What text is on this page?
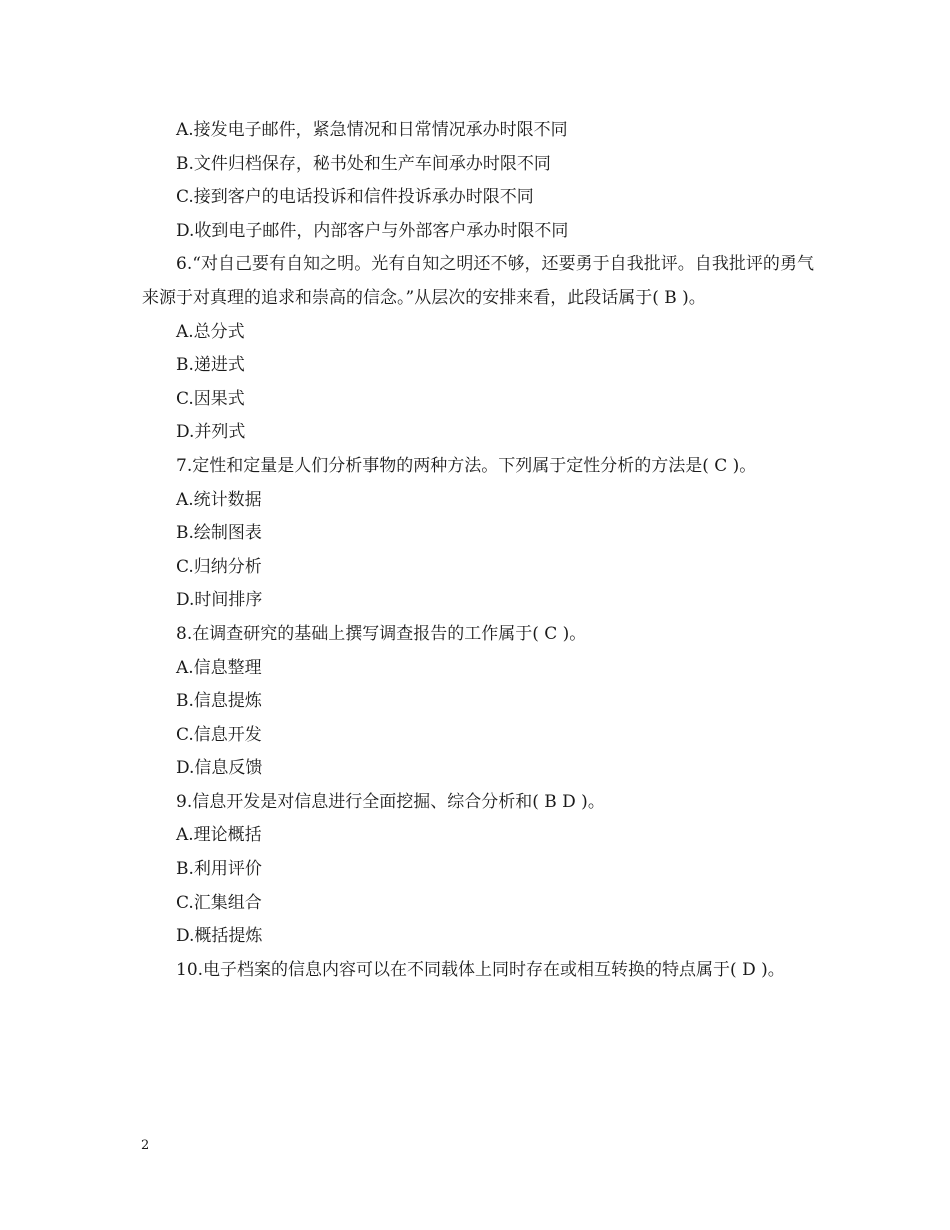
A.接发电子邮件，紧急情况和日常情况承办时限不同

B.文件归档保存，秘书处和生产车间承办时限不同

C.接到客户的电话投诉和信件投诉承办时限不同

D.收到电子邮件，内部客户与外部客户承办时限不同

6.“对自己要有自知之明。光有自知之明还不够，还要勇于自我批评。自我批评的勇气来源于对真理的追求和崇高的信念。”从层次的安排来看，此段话属于( B )。

A.总分式

B.递进式

C.因果式

D.并列式

7.定性和定量是人们分析事物的两种方法。下列属于定性分析的方法是( C )。

A.统计数据

B.绘制图表

C.归纳分析

D.时间排序

8.在调查研究的基础上撰写调查报告的工作属于( C )。

A.信息整理

B.信息提炼

C.信息开发

D.信息反馈

9.信息开发是对信息进行全面挖掘、综合分析和( B D )。

A.理论概括

B.利用评价

C.汇集组合

D.概括提炼

10.电子档案的信息内容可以在不同载体上同时存在或相互转换的特点属于( D )。

2
